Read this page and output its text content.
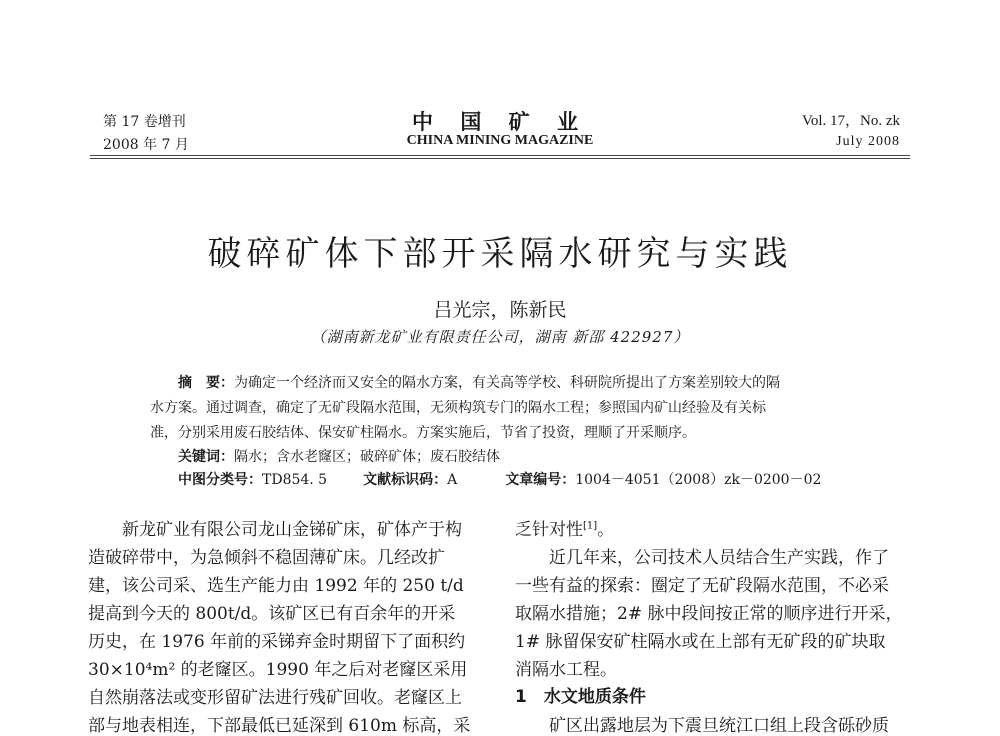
第 17 卷增刊
2008 年 7 月
中 国 矿 业
CHINA MINING MAGAZINE
Vol. 17，No. zk
July 2008
破碎矿体下部开采隔水研究与实践
吕光宗，陈新民
（湖南新龙矿业有限责任公司，湖南 新邵 422927）
摘　要：为确定一个经济而又安全的隔水方案，有关高等学校、科研院所提出了方案差别较大的隔
水方案。通过调查，确定了无矿段隔水范围，无须构筑专门的隔水工程；参照国内矿山经验及有关标
准，分别采用废石胶结体、保安矿柱隔水。方案实施后，节省了投资，理顺了开采顺序。
关键词：隔水；含水老窿区；破碎矿体；废石胶结体
中图分类号：TD854. 5	文献标识码：A	文章编号：1004－4051（2008）zk－0200－02
　　新龙矿业有限公司龙山金锑矿床，矿体产于构
造破碎带中，为急倾斜不稳固薄矿床。几经改扩
建，该公司采、选生产能力由 1992 年的 250 t/d
提高到今天的 800t/d。该矿区已有百余年的开采
历史，在 1976 年前的采锑弃金时期留下了面积约
30×10⁴m² 的老窿区。1990 年之后对老窿区采用
自然崩落法或变形留矿法进行残矿回收。老窿区上
部与地表相连，下部最低已延深到 610m 标高，采
乏针对性[1]。
　　近几年来，公司技术人员结合生产实践，作了
一些有益的探索：圈定了无矿段隔水范围，不必采
取隔水措施；2# 脉中段间按正常的顺序进行开采，
1# 脉留保安矿柱隔水或在上部有无矿段的矿块取
消隔水工程。
1　水文地质条件
　　矿区出露地层为下震旦统江口组上段含砾砂质
